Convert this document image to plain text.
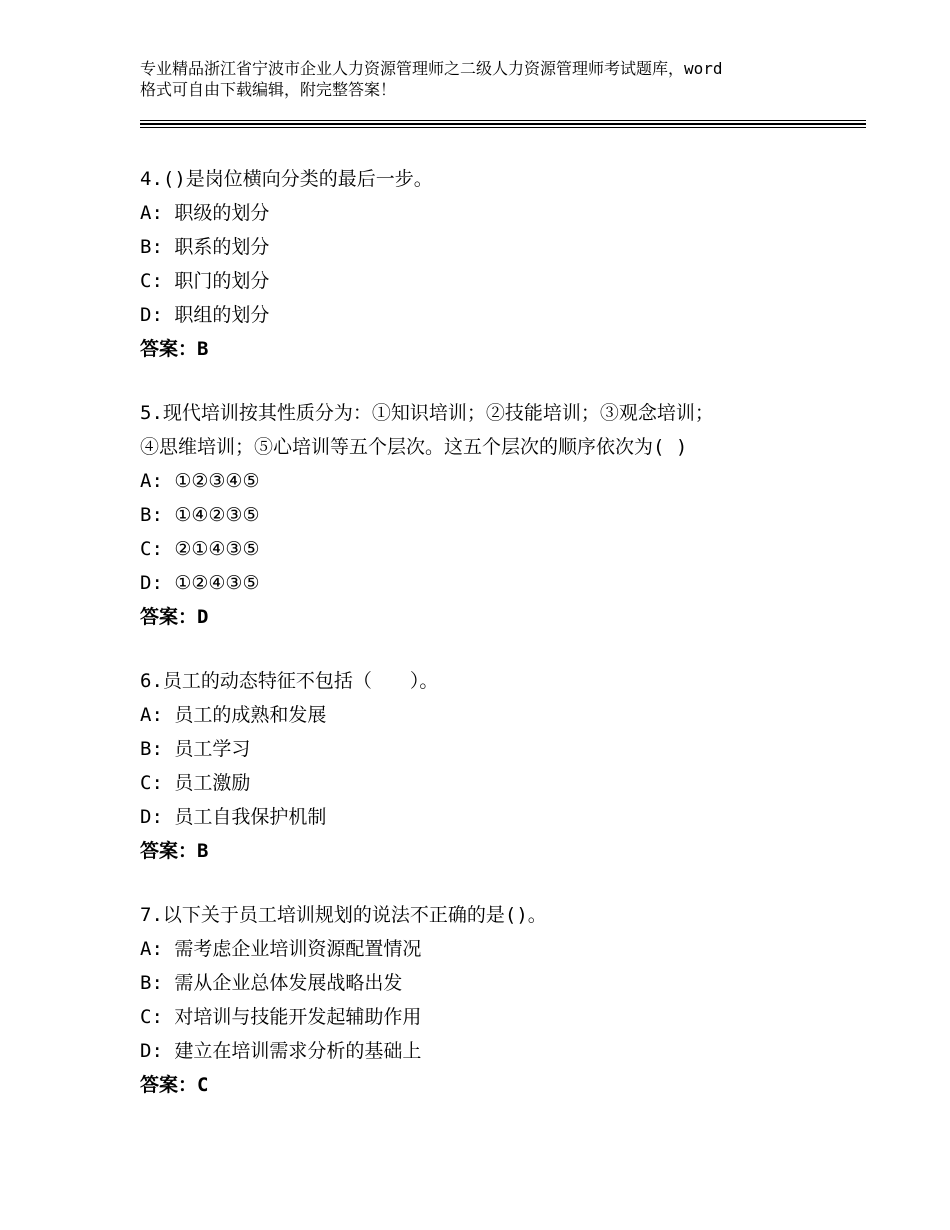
专业精品浙江省宁波市企业人力资源管理师之二级人力资源管理师考试题库，word
格式可自由下载编辑，附完整答案！
4.()是岗位横向分类的最后一步。
A: 职级的划分
B: 职系的划分
C: 职门的划分
D: 职组的划分
答案：B
5.现代培训按其性质分为：①知识培训；②技能培训；③观念培训；
④思维培训；⑤心培训等五个层次。这五个层次的顺序依次为( )
A: ①②③④⑤
B: ①④②③⑤
C: ②①④③⑤
D: ①②④③⑤
答案：D
6.员工的动态特征不包括（　　）。
A: 员工的成熟和发展
B: 员工学习
C: 员工激励
D: 员工自我保护机制
答案：B
7.以下关于员工培训规划的说法不正确的是()。
A: 需考虑企业培训资源配置情况
B: 需从企业总体发展战略出发
C: 对培训与技能开发起辅助作用
D: 建立在培训需求分析的基础上
答案：C
